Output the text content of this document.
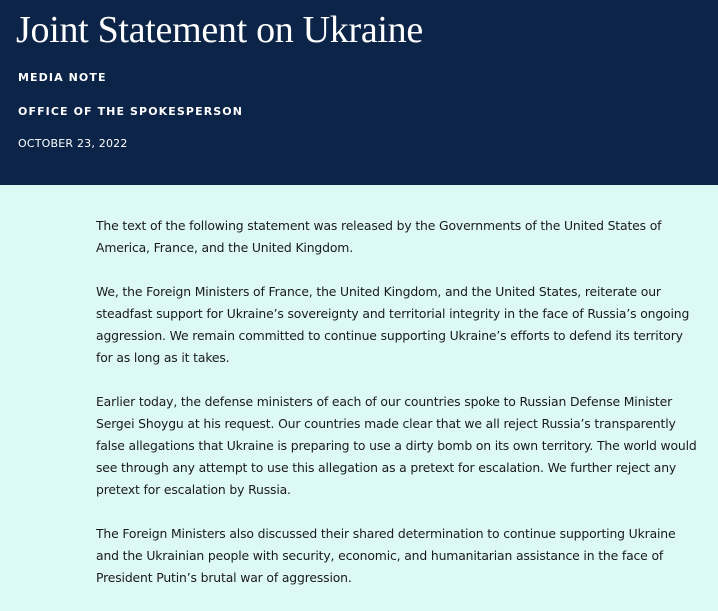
Joint Statement on Ukraine
MEDIA NOTE
OFFICE OF THE SPOKESPERSON
OCTOBER 23, 2022

The text of the following statement was released by the Governments of the United States of America, France, and the United Kingdom.

We, the Foreign Ministers of France, the United Kingdom, and the United States, reiterate our steadfast support for Ukraine’s sovereignty and territorial integrity in the face of Russia’s ongoing aggression. We remain committed to continue supporting Ukraine’s efforts to defend its territory for as long as it takes.

Earlier today, the defense ministers of each of our countries spoke to Russian Defense Minister Sergei Shoygu at his request. Our countries made clear that we all reject Russia’s transparently false allegations that Ukraine is preparing to use a dirty bomb on its own territory. The world would see through any attempt to use this allegation as a pretext for escalation. We further reject any pretext for escalation by Russia.

The Foreign Ministers also discussed their shared determination to continue supporting Ukraine and the Ukrainian people with security, economic, and humanitarian assistance in the face of President Putin’s brutal war of aggression.
